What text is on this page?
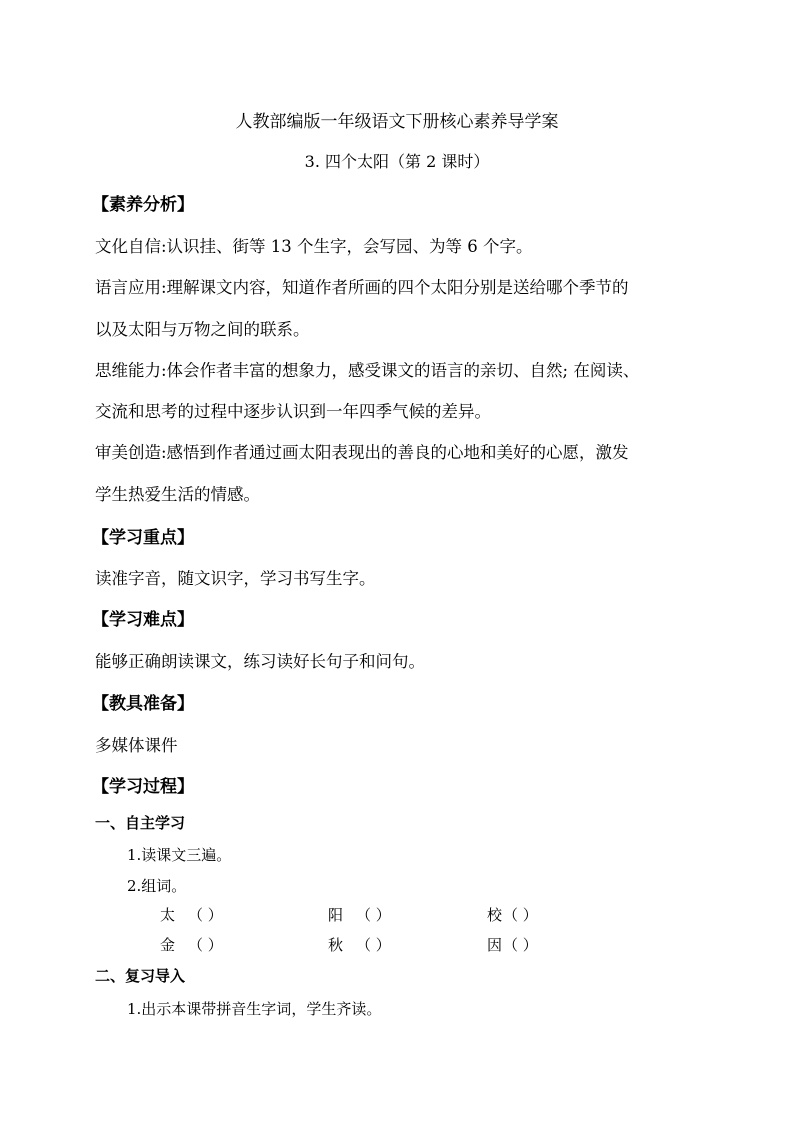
人教部编版一年级语文下册核心素养导学案
3. 四个太阳（第 2 课时）
【素养分析】
文化自信:认识挂、街等 13 个生字，会写园、为等 6 个字。
语言应用:理解课文内容，知道作者所画的四个太阳分别是送给哪个季节的
以及太阳与万物之间的联系。
思维能力:体会作者丰富的想象力，感受课文的语言的亲切、自然; 在阅读、
交流和思考的过程中逐步认识到一年四季气候的差异。
审美创造:感悟到作者通过画太阳表现出的善良的心地和美好的心愿，激发
学生热爱生活的情感。
【学习重点】
读准字音，随文识字，学习书写生字。
【学习难点】
能够正确朗读课文，练习读好长句子和问句。
【教具准备】
多媒体课件
【学习过程】
一、自主学习
1.读课文三遍。
2.组词。
太 （ ）	阳 （ ）	校 （ ）
金 （ ）	秋 （ ）	因 （ ）
二、复习导入
1.出示本课带拼音生字词，学生齐读。
